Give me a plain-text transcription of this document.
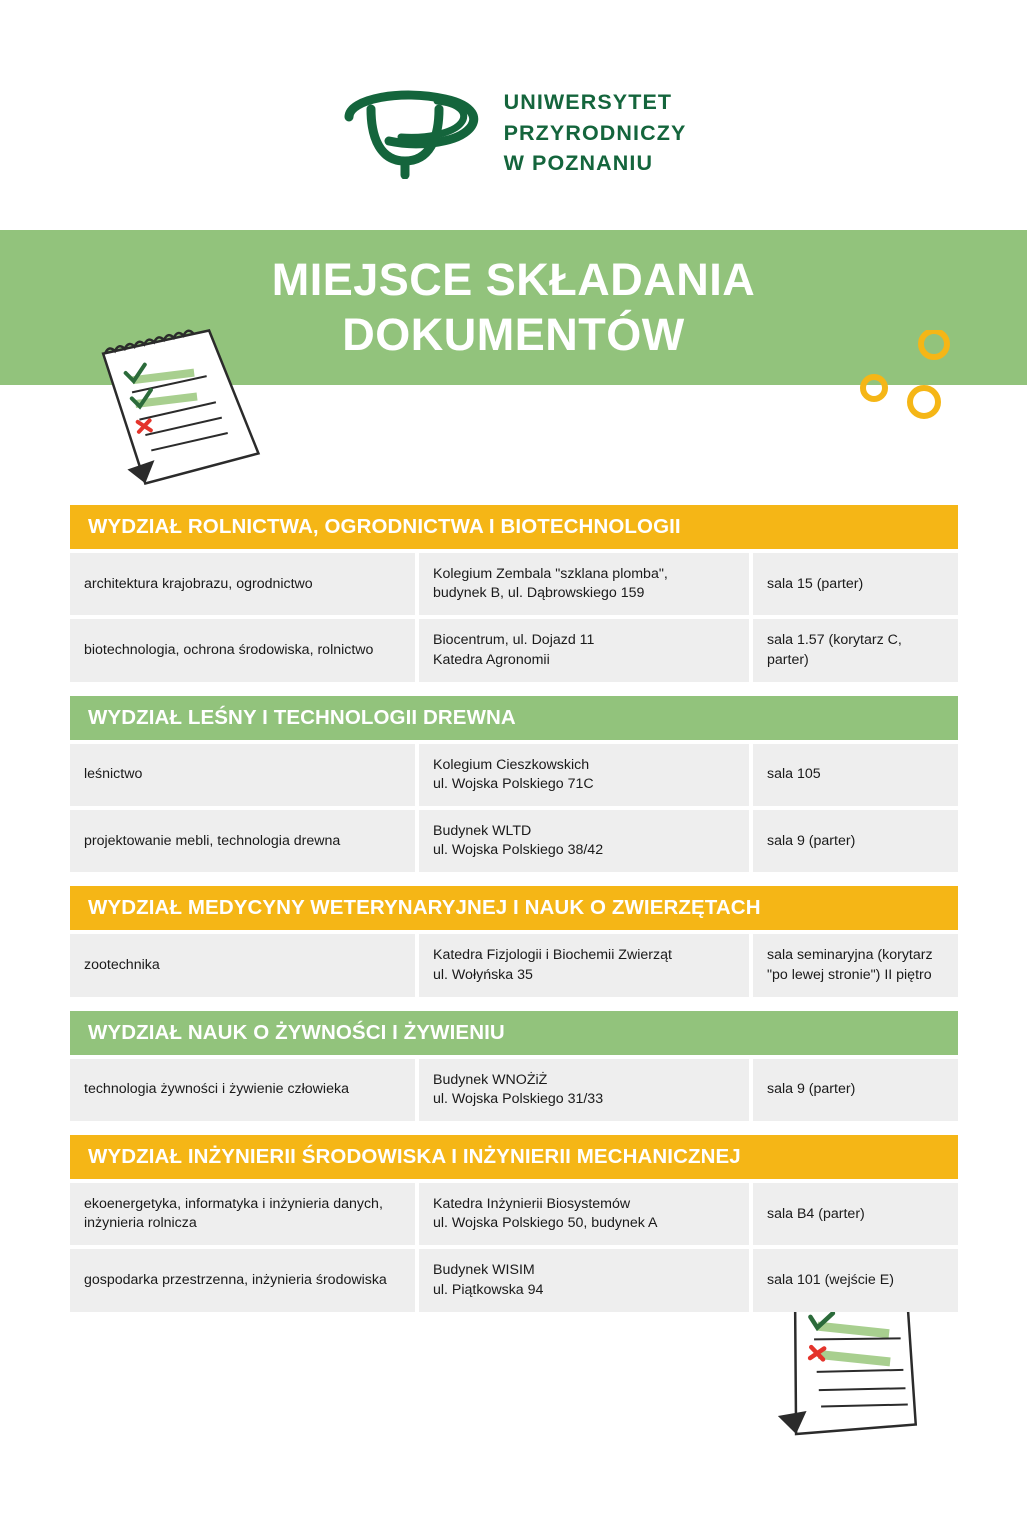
UNIWERSYTET
PRZYRODNICZY
W POZNANIU
MIEJSCE SKŁADANIA
DOKUMENTÓW
WYDZIAŁ ROLNICTWA, OGRODNICTWA I BIOTECHNOLOGII
architektura krajobrazu, ogrodnictwo
Kolegium Zembala "szklana plomba",
budynek B, ul. Dąbrowskiego 159
sala 15 (parter)
biotechnologia, ochrona środowiska, rolnictwo
Biocentrum, ul. Dojazd 11
Katedra Agronomii
sala 1.57 (korytarz C, parter)
WYDZIAŁ LEŚNY I TECHNOLOGII DREWNA
leśnictwo
Kolegium Cieszkowskich
ul. Wojska Polskiego 71C
sala 105
projektowanie mebli, technologia drewna
Budynek WLTD
ul. Wojska Polskiego 38/42
sala 9 (parter)
WYDZIAŁ MEDYCYNY WETERYNARYJNEJ I NAUK O ZWIERZĘTACH
zootechnika
Katedra Fizjologii i Biochemii Zwierząt
ul. Wołyńska 35
sala seminaryjna (korytarz
"po lewej stronie") II piętro
WYDZIAŁ NAUK O ŻYWNOŚCI I ŻYWIENIU
technologia żywności i żywienie człowieka
Budynek WNOŻiŻ
ul. Wojska Polskiego 31/33
sala 9 (parter)
WYDZIAŁ INŻYNIERII ŚRODOWISKA I INŻYNIERII MECHANICZNEJ
ekoenergetyka, informatyka i inżynieria danych,
inżynieria rolnicza
Katedra Inżynierii Biosystemów
ul. Wojska Polskiego 50, budynek A
sala B4 (parter)
gospodarka przestrzenna, inżynieria środowiska
Budynek WISIM
ul. Piątkowska 94
sala 101 (wejście E)
